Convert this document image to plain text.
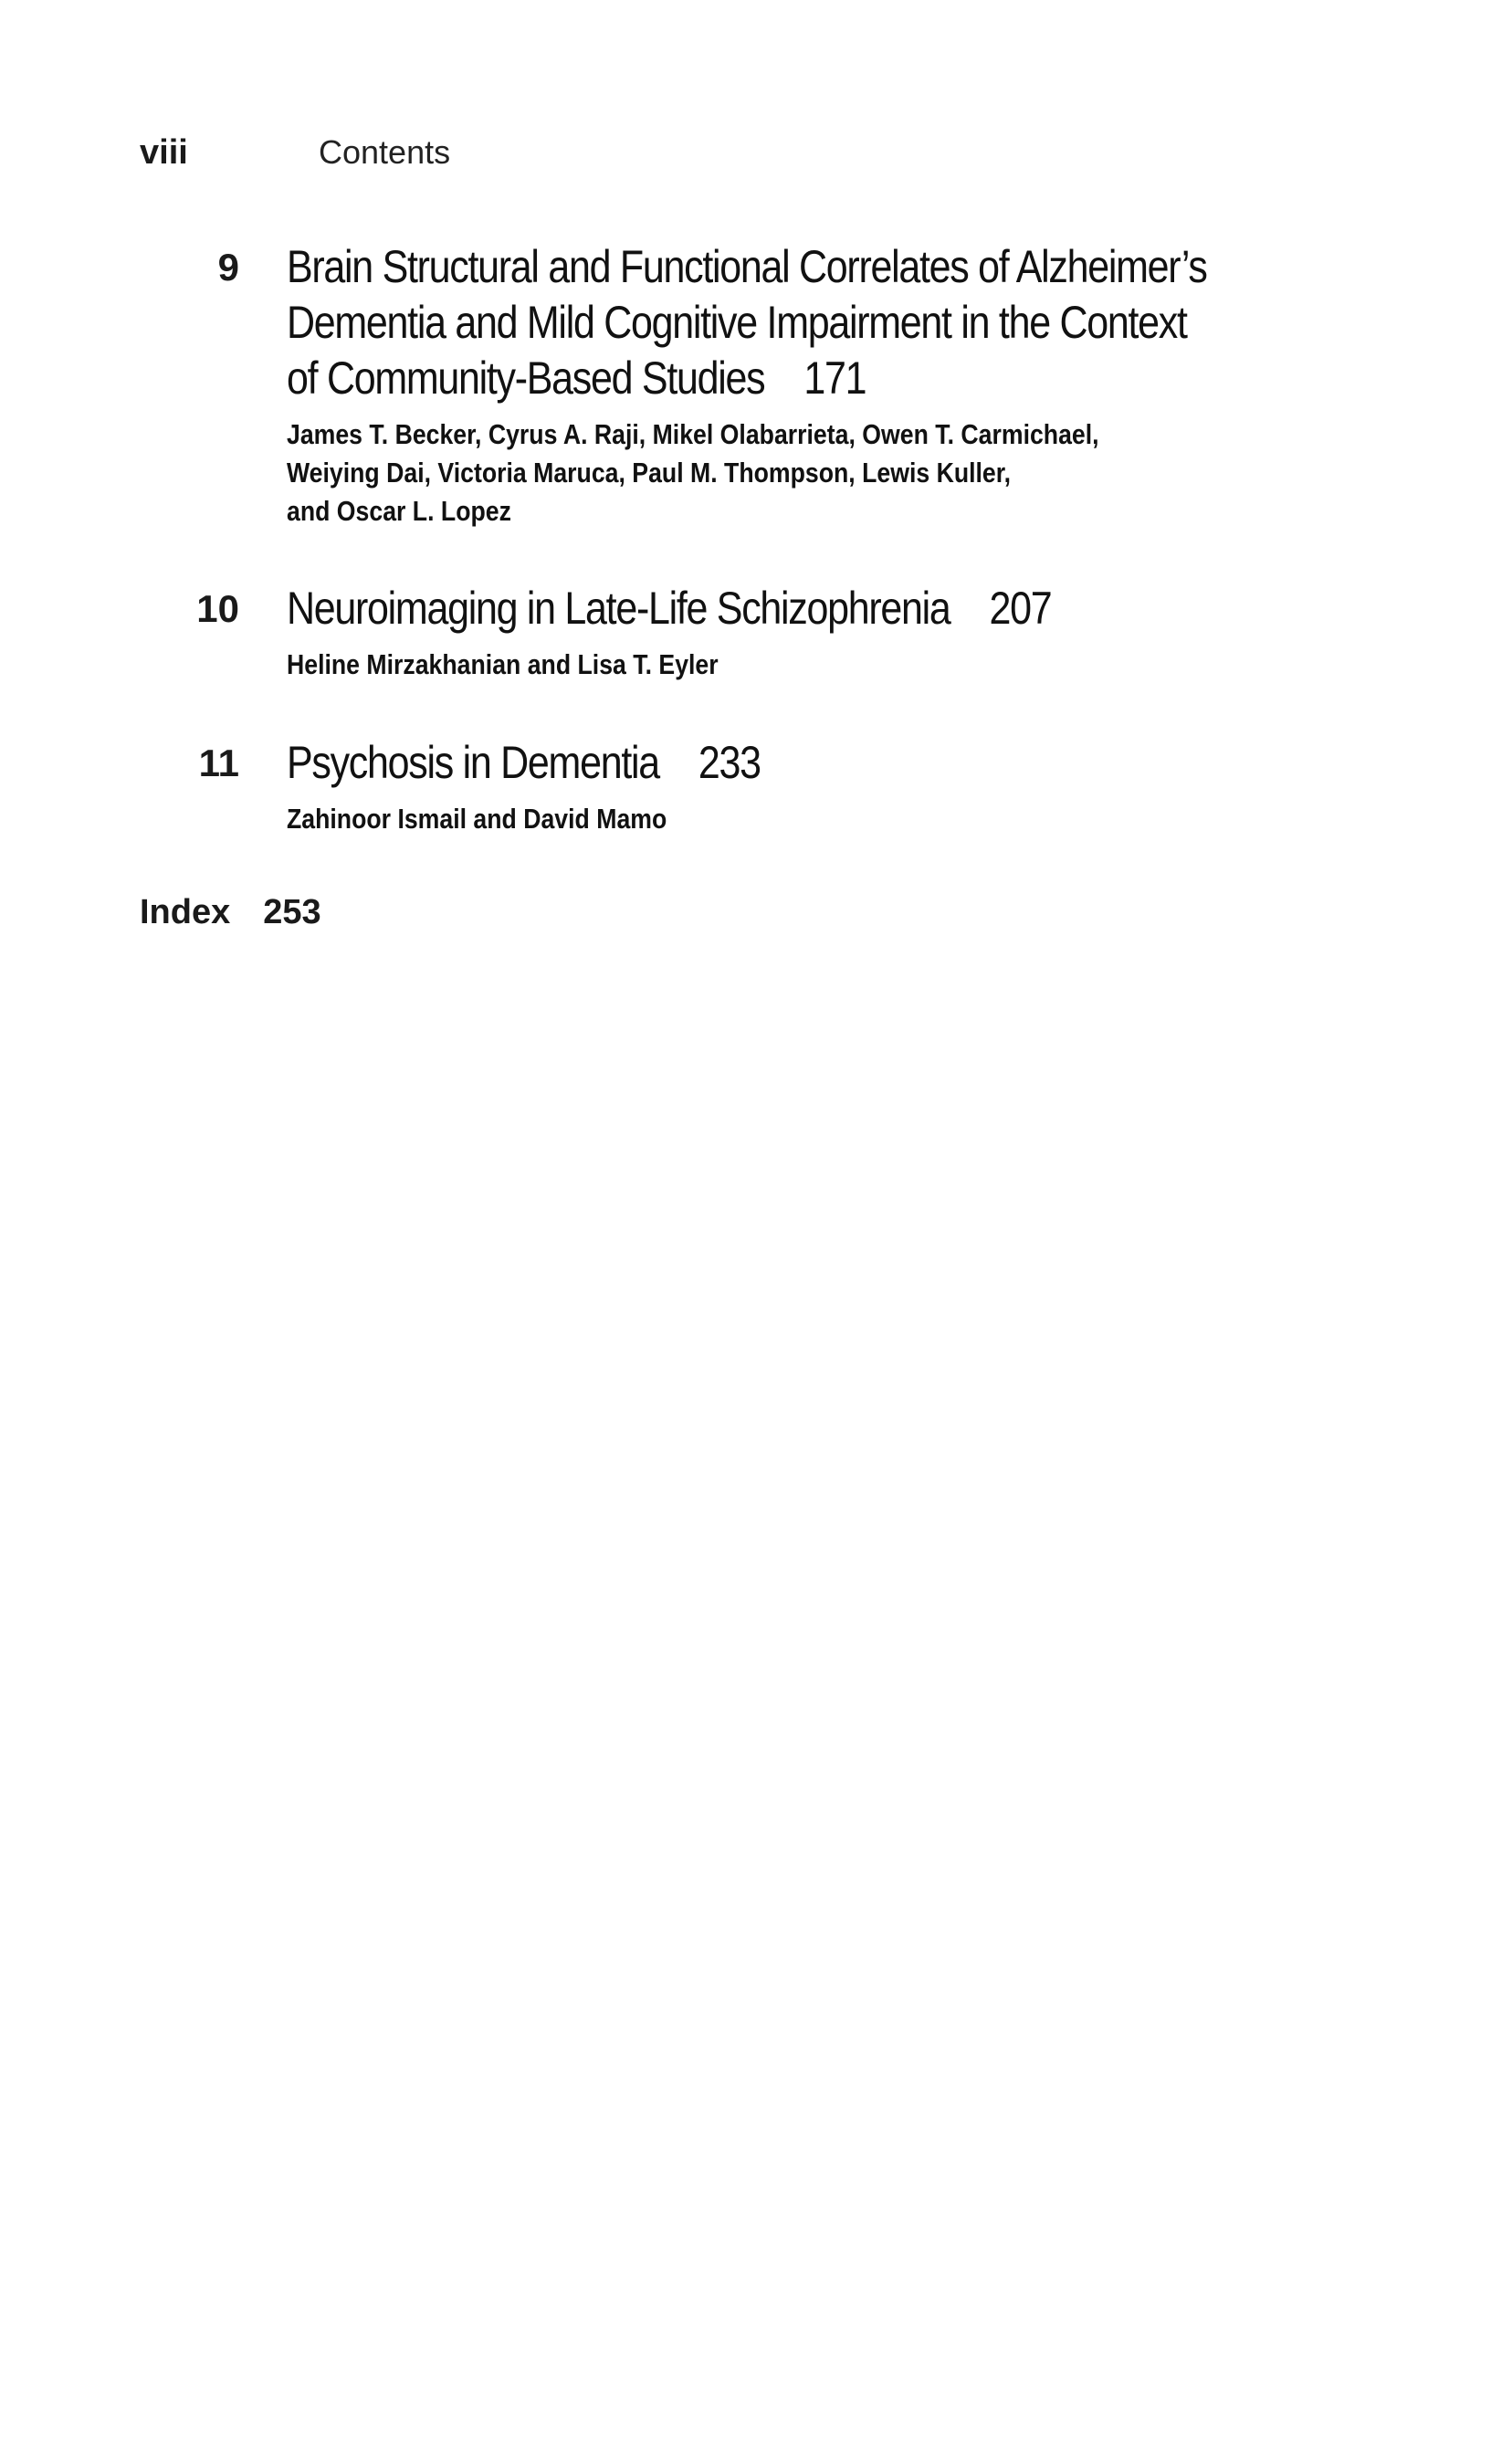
viii	Contents
9 Brain Structural and Functional Correlates of Alzheimer’s
Dementia and Mild Cognitive Impairment in the Context
of Community-Based Studies 171
James T. Becker, Cyrus A. Raji, Mikel Olabarrieta, Owen T. Carmichael,
Weiying Dai, Victoria Maruca, Paul M. Thompson, Lewis Kuller,
and Oscar L. Lopez
10 Neuroimaging in Late-Life Schizophrenia 207
Heline Mirzakhanian and Lisa T. Eyler
11 Psychosis in Dementia 233
Zahinoor Ismail and David Mamo
Index 253
